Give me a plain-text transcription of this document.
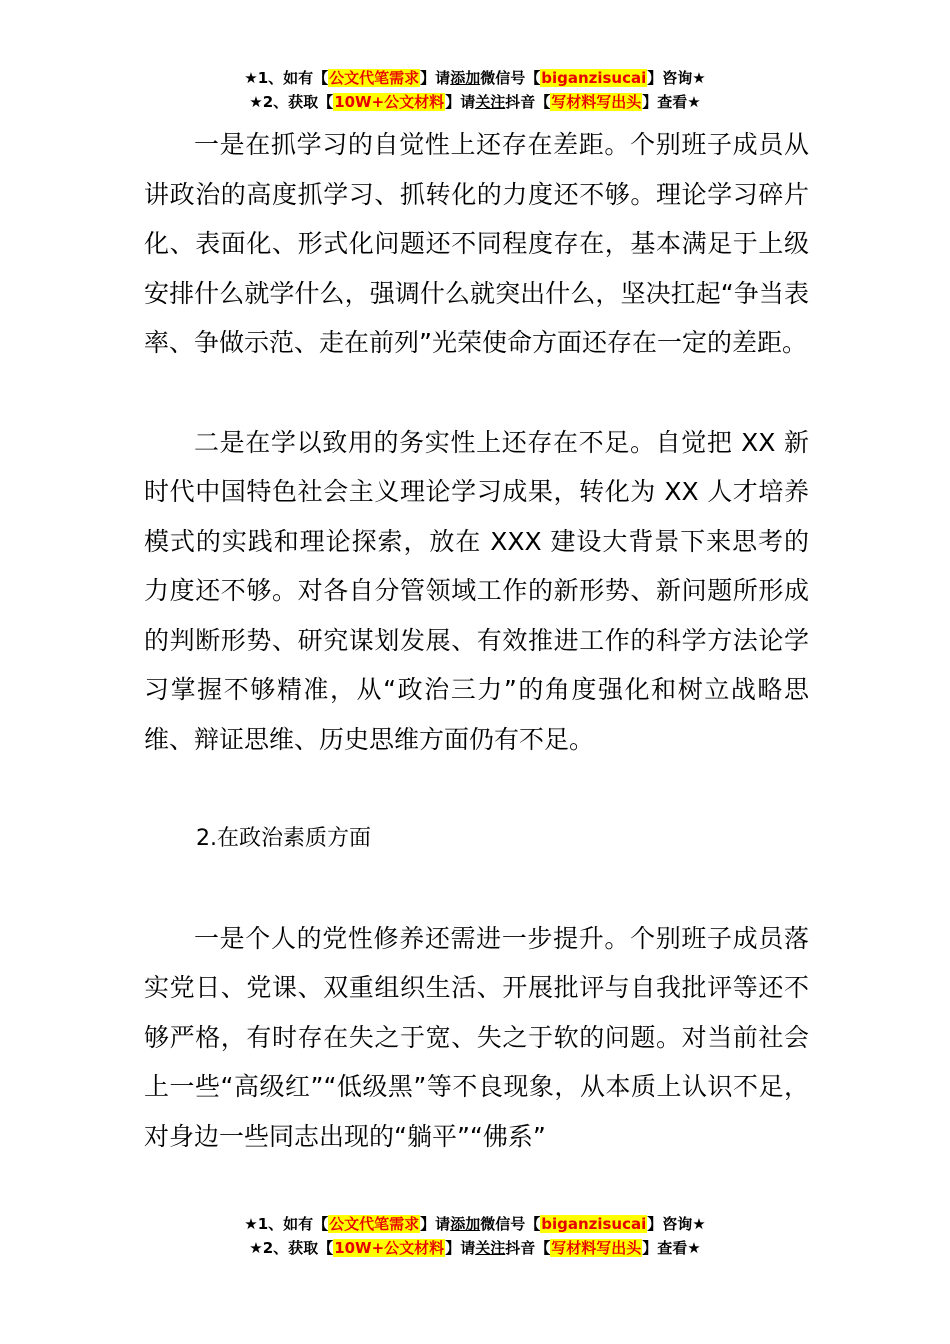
★1、如有【公文代笔需求】请添加微信号【biganzisucai】咨询★
★2、获取【10W+公文材料】请关注抖音【写材料写出头】查看★

一是在抓学习的自觉性上还存在差距。个别班子成员从讲政治的高度抓学习、抓转化的力度还不够。理论学习碎片化、表面化、形式化问题还不同程度存在，基本满足于上级安排什么就学什么，强调什么就突出什么，坚决扛起“争当表率、争做示范、走在前列”光荣使命方面还存在一定的差距。

二是在学以致用的务实性上还存在不足。自觉把 XX 新时代中国特色社会主义理论学习成果，转化为 XX 人才培养模式的实践和理论探索，放在 XXX 建设大背景下来思考的力度还不够。对各自分管领域工作的新形势、新问题所形成的判断形势、研究谋划发展、有效推进工作的科学方法论学习掌握不够精准，从“政治三力”的角度强化和树立战略思维、辩证思维、历史思维方面仍有不足。

2.在政治素质方面

一是个人的党性修养还需进一步提升。个别班子成员落实党日、党课、双重组织生活、开展批评与自我批评等还不够严格，有时存在失之于宽、失之于软的问题。对当前社会上一些“高级红”“低级黑”等不良现象，从本质上认识不足，对身边一些同志出现的“躺平”“佛系”

★1、如有【公文代笔需求】请添加微信号【biganzisucai】咨询★
★2、获取【10W+公文材料】请关注抖音【写材料写出头】查看★
